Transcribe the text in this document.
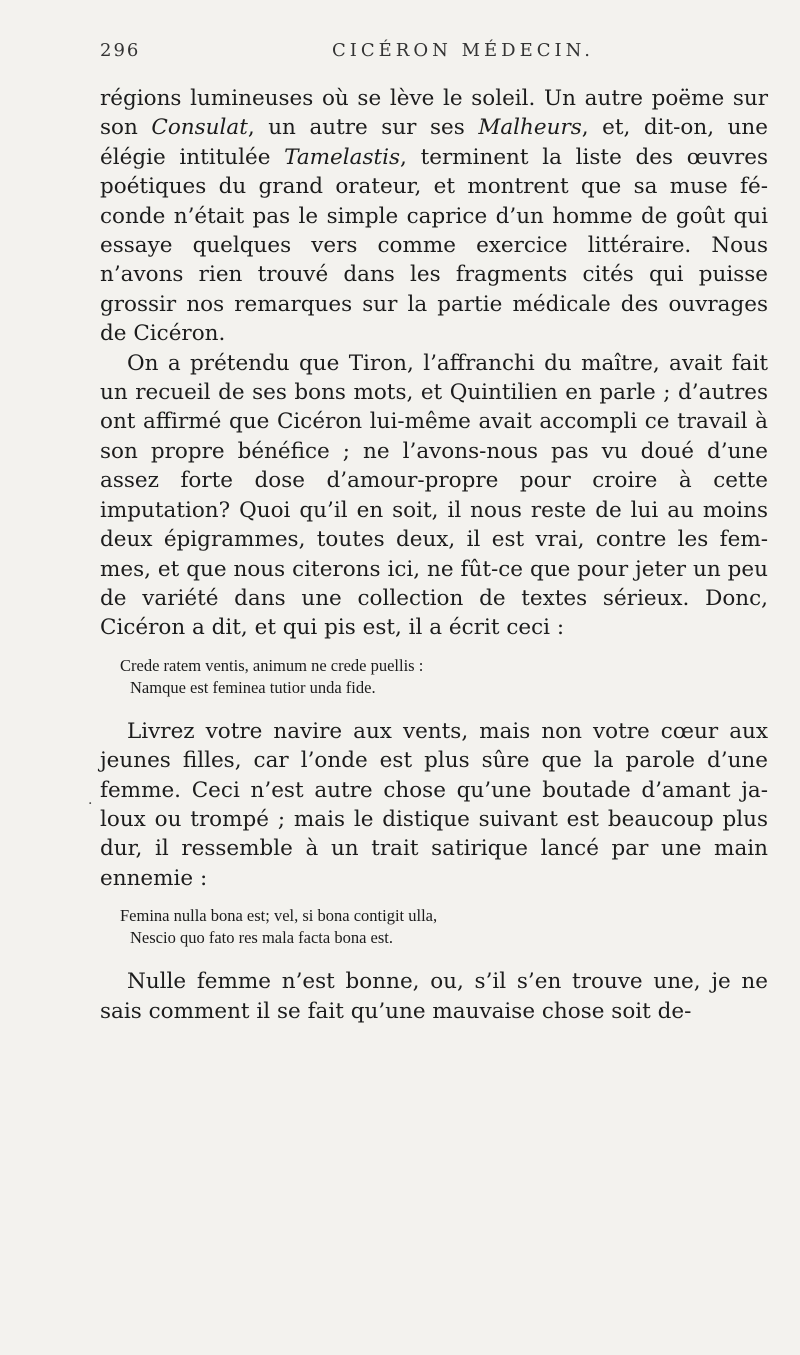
296	CICÉRON MÉDECIN.
·

régions lumineuses où se lève le soleil. Un autre poëme sur son Consulat, un autre sur ses Malheurs, et, dit-on, une élégie intitulée Tamelastis, terminent la liste des œuvres poétiques du grand orateur, et montrent que sa muse féconde n’était pas le simple caprice d’un homme de goût qui essaye quelques vers comme exercice littéraire. Nous n’avons rien trouvé dans les fragments cités qui puisse grossir nos remarques sur la partie médicale des ouvrages de Cicéron.

On a prétendu que Tiron, l’affranchi du maître, avait fait un recueil de ses bons mots, et Quintilien en parle ; d’autres ont affirmé que Cicéron lui-même avait accompli ce travail à son propre bénéfice ; ne l’avons-nous pas vu doué d’une assez forte dose d’amour-propre pour croire à cette imputation? Quoi qu’il en soit, il nous reste de lui au moins deux épigrammes, toutes deux, il est vrai, contre les femmes, et que nous citerons ici, ne fût-ce que pour jeter un peu de variété dans une collection de textes sérieux. Donc, Cicéron a dit, et qui pis est, il a écrit ceci :

Crede ratem ventis, animum ne crede puellis :
Namque est feminea tutior unda fide.

Livrez votre navire aux vents, mais non votre cœur aux jeunes filles, car l’onde est plus sûre que la parole d’une femme. Ceci n’est autre chose qu’une boutade d’amant jaloux ou trompé ; mais le distique suivant est beaucoup plus dur, il ressemble à un trait satirique lancé par une main ennemie :

Femina nulla bona est; vel, si bona contigit ulla,
Nescio quo fato res mala facta bona est.

Nulle femme n’est bonne, ou, s’il s’en trouve une, je ne sais comment il se fait qu’une mauvaise chose soit de-
